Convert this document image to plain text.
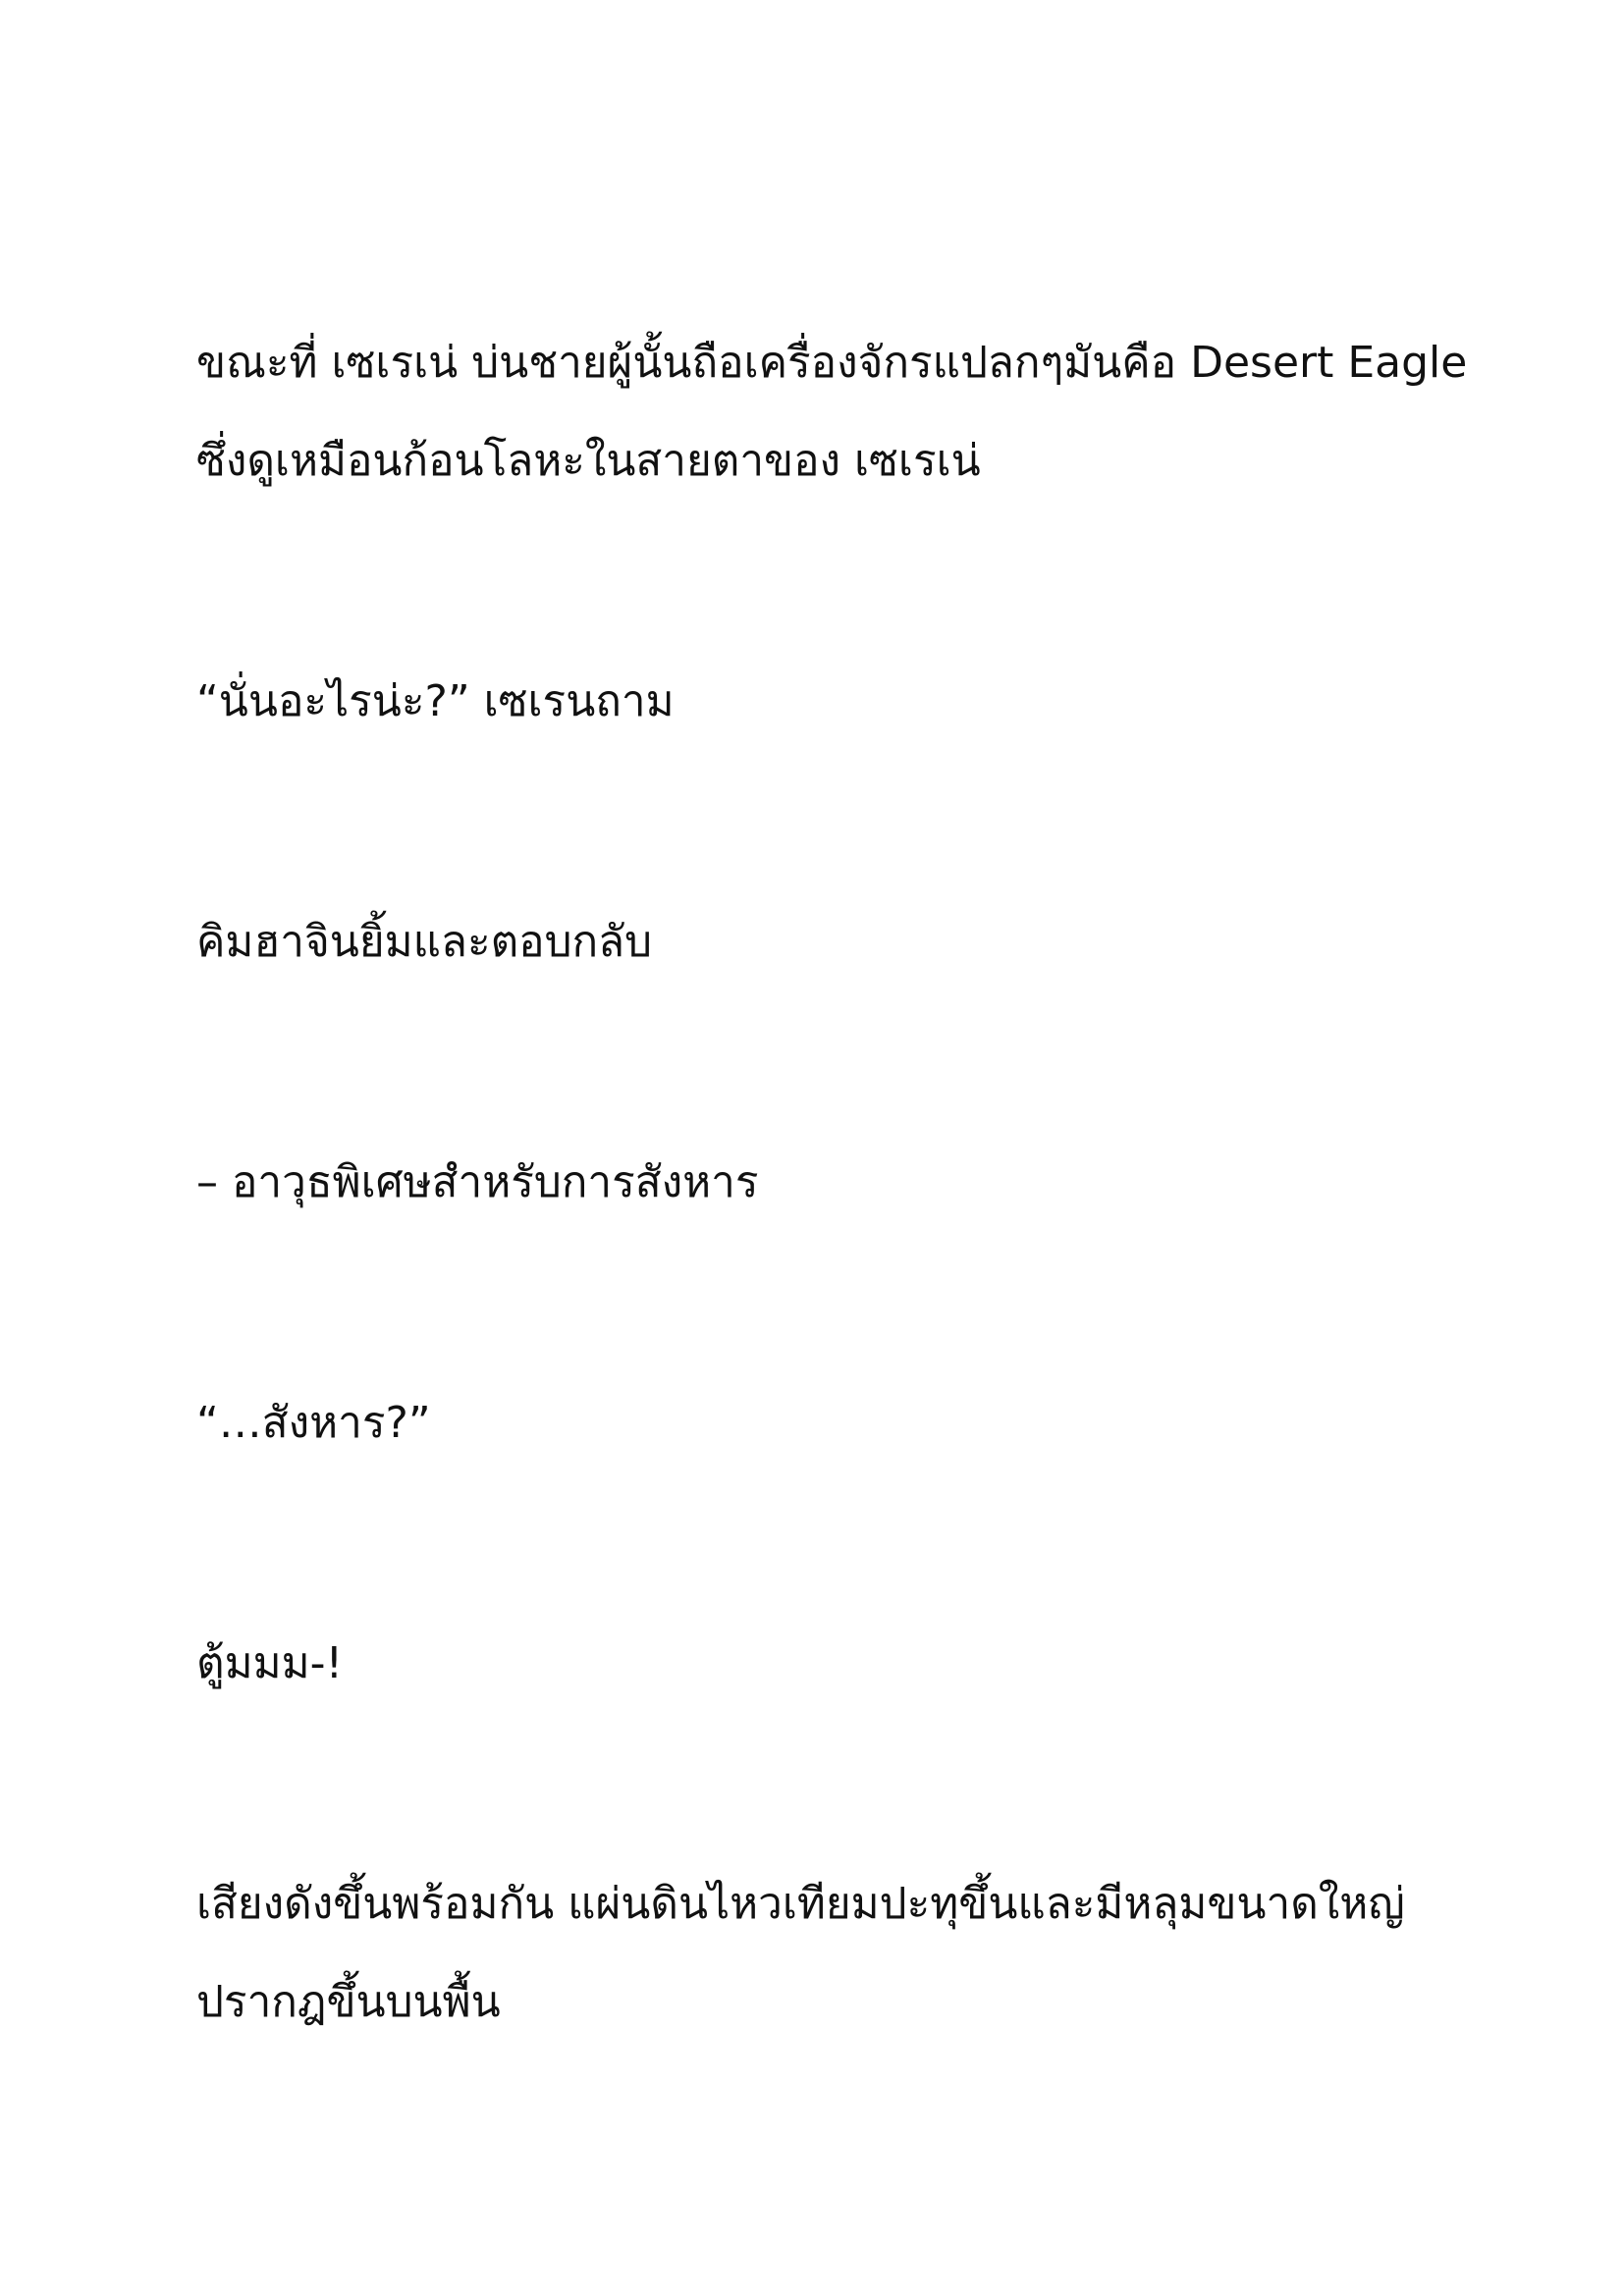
ขณะที่ เซเรเน่ บ่นชายผู้นั้นถือเครื่องจักรแปลกๆมันคือ Desert Eagle
ซึ่งดูเหมือนก้อนโลหะในสายตาของ เซเรเน่

“นั่นอะไรน่ะ?” เซเรนถาม

คิมฮาจินยิ้มและตอบกลับ

– อาวุธพิเศษสำหรับการสังหาร

“…สังหาร?”

ตู้มมม-!

เสียงดังขึ้นพร้อมกัน แผ่นดินไหวเทียมปะทุขึ้นและมีหลุมขนาดใหญ่
ปรากฎขึ้นบนพื้น
